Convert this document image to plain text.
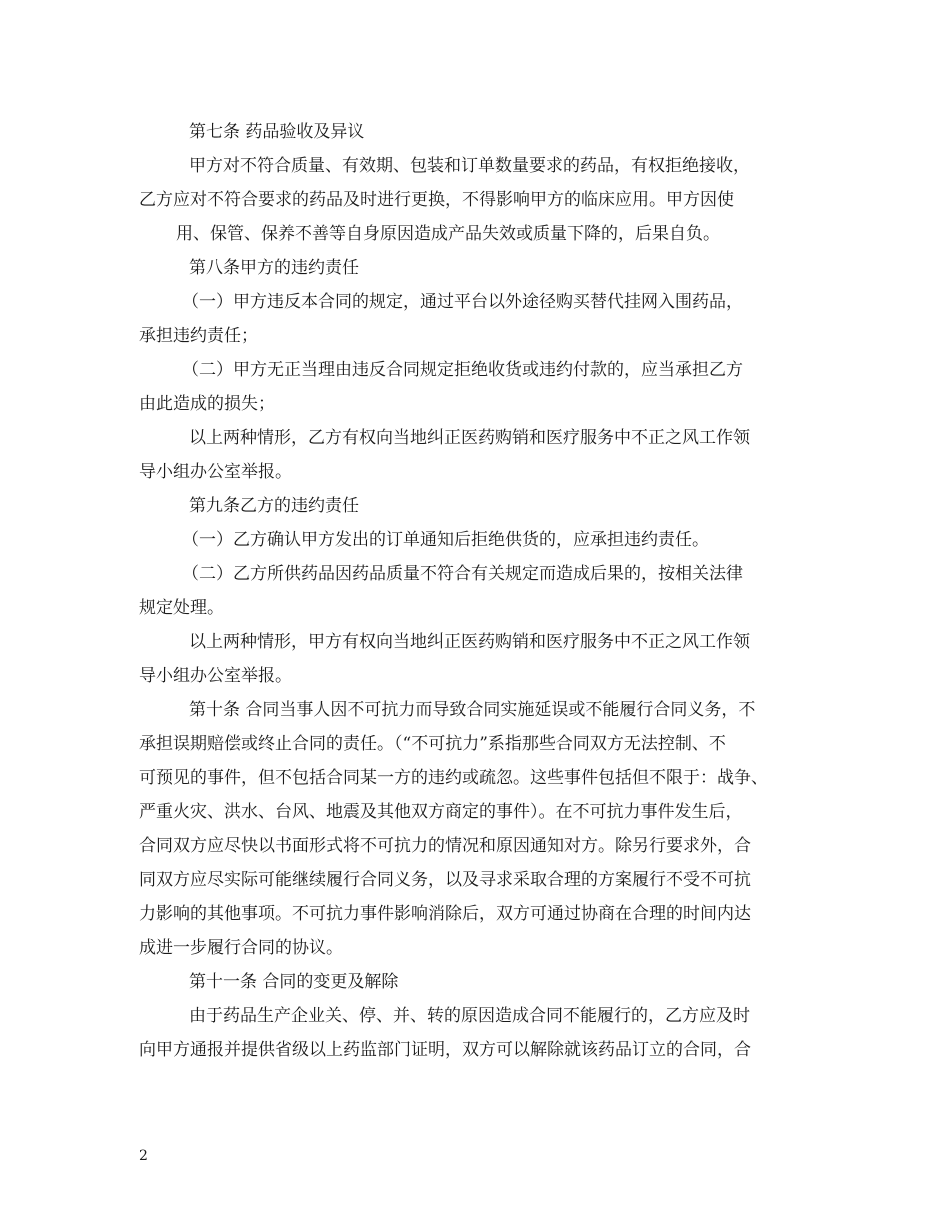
第七条 药品验收及异议
甲方对不符合质量、有效期、包装和订单数量要求的药品，有权拒绝接收，
乙方应对不符合要求的药品及时进行更换，不得影响甲方的临床应用。甲方因使
用、保管、保养不善等自身原因造成产品失效或质量下降的，后果自负。
第八条甲方的违约责任
（一）甲方违反本合同的规定，通过平台以外途径购买替代挂网入围药品，
承担违约责任；
（二）甲方无正当理由违反合同规定拒绝收货或违约付款的，应当承担乙方
由此造成的损失；
以上两种情形，乙方有权向当地纠正医药购销和医疗服务中不正之风工作领
导小组办公室举报。
第九条乙方的违约责任
（一）乙方确认甲方发出的订单通知后拒绝供货的，应承担违约责任。
（二）乙方所供药品因药品质量不符合有关规定而造成后果的，按相关法律
规定处理。
以上两种情形，甲方有权向当地纠正医药购销和医疗服务中不正之风工作领
导小组办公室举报。
第十条 合同当事人因不可抗力而导致合同实施延误或不能履行合同义务，不
承担误期赔偿或终止合同的责任。（“不可抗力”系指那些合同双方无法控制、不
可预见的事件，但不包括合同某一方的违约或疏忽。这些事件包括但不限于：战争、
严重火灾、洪水、台风、地震及其他双方商定的事件）。在不可抗力事件发生后，
合同双方应尽快以书面形式将不可抗力的情况和原因通知对方。除另行要求外，合
同双方应尽实际可能继续履行合同义务，以及寻求采取合理的方案履行不受不可抗
力影响的其他事项。不可抗力事件影响消除后，双方可通过协商在合理的时间内达
成进一步履行合同的协议。
第十一条 合同的变更及解除
由于药品生产企业关、停、并、转的原因造成合同不能履行的，乙方应及时
向甲方通报并提供省级以上药监部门证明，双方可以解除就该药品订立的合同，合
2
